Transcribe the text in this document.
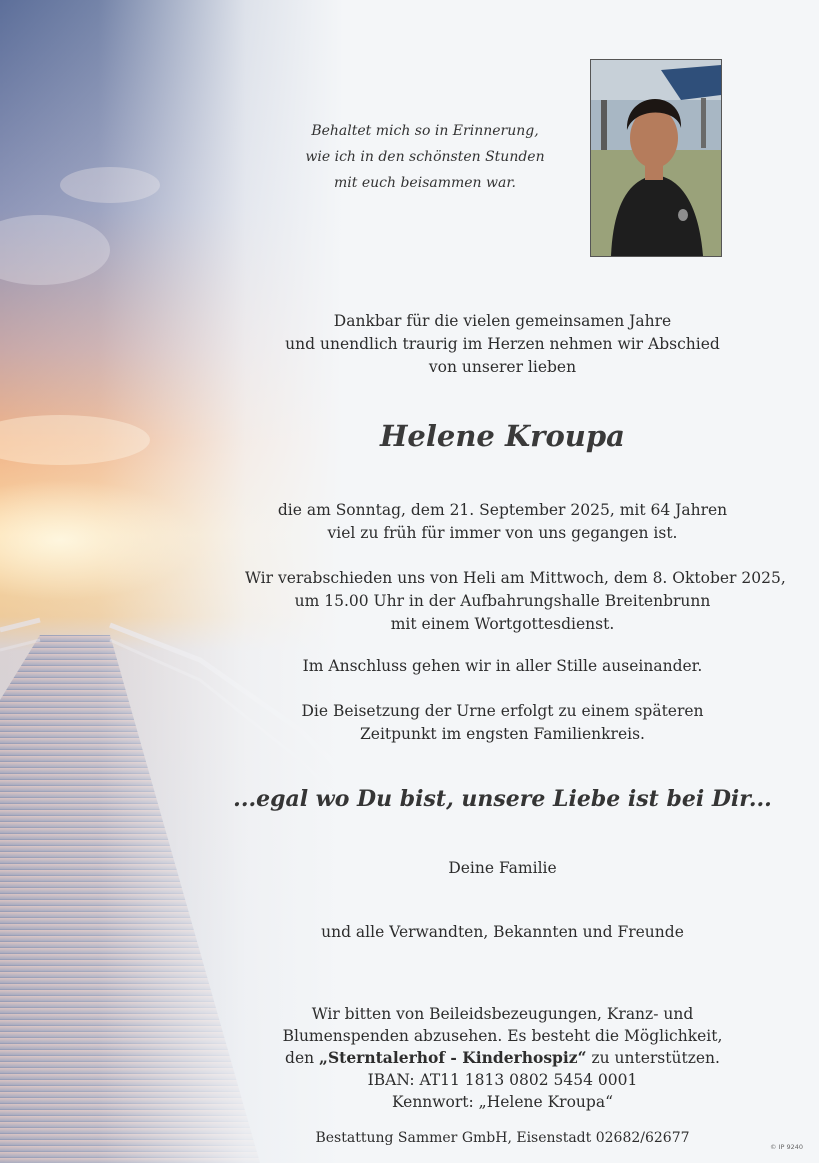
Behaltet mich so in Erinnerung,
wie ich in den schönsten Stunden
mit euch beisammen war.
Dankbar für die vielen gemeinsamen Jahre
und unendlich traurig im Herzen nehmen wir Abschied
von unserer lieben
Helene Kroupa
die am Sonntag, dem 21. September 2025, mit 64 Jahren
viel zu früh für immer von uns gegangen ist.
Wir verabschieden uns von Heli am Mittwoch, dem 8. Oktober 2025,
um 15.00 Uhr in der Aufbahrungshalle Breitenbrunn
mit einem Wortgottesdienst.
Im Anschluss gehen wir in aller Stille auseinander.
Die Beisetzung der Urne erfolgt zu einem späteren
Zeitpunkt im engsten Familienkreis.
...egal wo Du bist, unsere Liebe ist bei Dir...
Deine Familie
und alle Verwandten, Bekannten und Freunde
Wir bitten von Beileidsbezeugungen, Kranz- und
Blumenspenden abzusehen. Es besteht die Möglichkeit,
den „Sterntalerhof - Kinderhospiz“ zu unterstützen.
IBAN: AT11 1813 0802 5454 0001
Kennwort: „Helene Kroupa“
Bestattung Sammer GmbH, Eisenstadt 02682/62677
© IP 9240
